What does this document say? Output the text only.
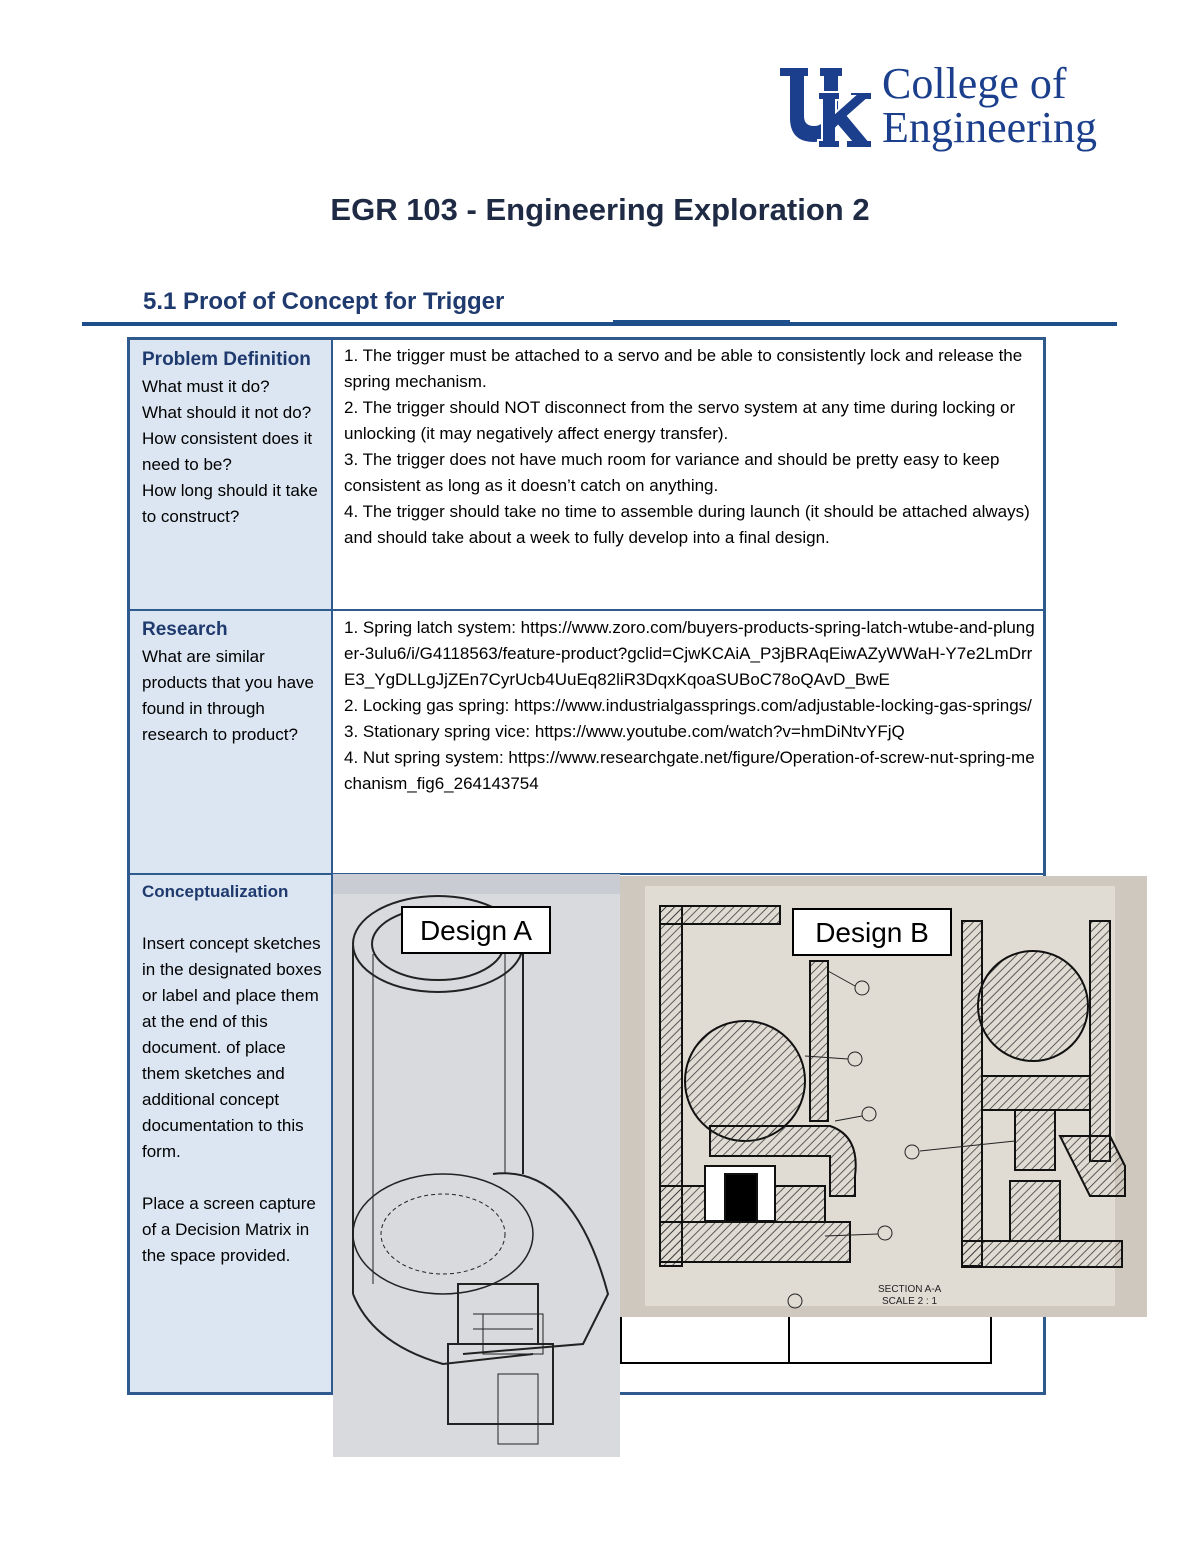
College of
Engineering
EGR 103 - Engineering Exploration 2
5.1 Proof of Concept for Trigger
Problem Definition
What must it do?
What should it not do?
How consistent does it need to be?
How long should it take to construct?

1. The trigger must be attached to a servo and be able to consistently lock and release the spring mechanism.

2. The trigger should NOT disconnect from the servo system at any time during locking or unlocking (it may negatively affect energy transfer).

3. The trigger does not have much room for variance and should be pretty easy to keep consistent as long as it doesn’t catch on anything.

4. The trigger should take no time to assemble during launch (it should be attached always) and should take about a week to fully develop into a final design.

Research
What are similar products that you have found in through research to product?

1. Spring latch system: https://www.zoro.com/buyers-products-spring-latch-wtube-and-plunger-3ulu6/i/G4118563/feature-product?gclid=CjwKCAiA_P3jBRAqEiwAZyWWaH-Y7e2LmDrrE3_YgDLLgJjZEn7CyrUcb4UuEq82liR3DqxKqoaSUBoC78oQAvD_BwE

2. Locking gas spring: https://www.industrialgassprings.com/adjustable-locking-gas-springs/

3. Stationary spring vice: https://www.youtube.com/watch?v=hmDiNtvYFjQ

4. Nut spring system: https://www.researchgate.net/figure/Operation-of-screw-nut-spring-mechanism_fig6_264143754

Conceptualization
Insert concept sketches in the designated boxes or label and place them at the end of this document. of place them sketches and additional concept documentation to this form.
Place a screen capture of a Decision Matrix in the space provided.
Design A
SECTION A-A
SCALE 2 : 1
Design B
